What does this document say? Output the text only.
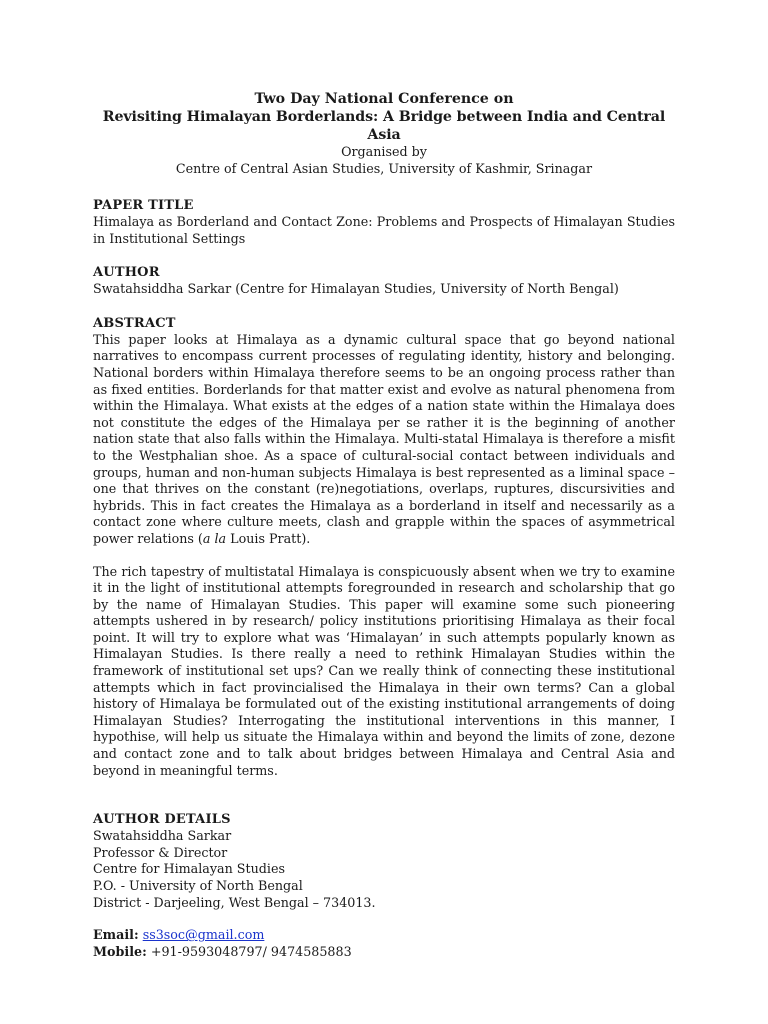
Two Day National Conference on

Revisiting Himalayan Borderlands: A Bridge between India and Central Asia

Organised by

Centre of Central Asian Studies, University of Kashmir, Srinagar

PAPER TITLE

Himalaya as Borderland and Contact Zone: Problems and Prospects of Himalayan Studies in Institutional Settings

AUTHOR

Swatahsiddha Sarkar (Centre for Himalayan Studies, University of North Bengal)

ABSTRACT

This paper looks at Himalaya as a dynamic cultural space that go beyond national narratives to encompass current processes of regulating identity, history and belonging. National borders within Himalaya therefore seems to be an ongoing process rather than as fixed entities. Borderlands for that matter exist and evolve as natural phenomena from within the Himalaya. What exists at the edges of a nation state within the Himalaya does not constitute the edges of the Himalaya per se rather it is the beginning of another nation state that also falls within the Himalaya. Multi-statal Himalaya is therefore a misfit to the Westphalian shoe. As a space of cultural-social contact between individuals and groups, human and non-human subjects Himalaya is best represented as a liminal space – one that thrives on the constant (re)negotiations, overlaps, ruptures, discursivities and hybrids. This in fact creates the Himalaya as a borderland in itself and necessarily as a contact zone where culture meets, clash and grapple within the spaces of asymmetrical power relations (a la Louis Pratt).

The rich tapestry of multistatal Himalaya is conspicuously absent when we try to examine it in the light of institutional attempts foregrounded in research and scholarship that go by the name of Himalayan Studies. This paper will examine some such pioneering attempts ushered in by research/ policy institutions prioritising Himalaya as their focal point. It will try to explore what was ‘Himalayan’ in such attempts popularly known as Himalayan Studies. Is there really a need to rethink Himalayan Studies within the framework of institutional set ups? Can we really think of connecting these institutional attempts which in fact provincialised the Himalaya in their own terms? Can a global history of Himalaya be formulated out of the existing institutional arrangements of doing Himalayan Studies? Interrogating the institutional interventions in this manner, I hypothise, will help us situate the Himalaya within and beyond the limits of zone, dezone and contact zone and to talk about bridges between Himalaya and Central Asia and beyond in meaningful terms.

AUTHOR DETAILS

Swatahsiddha Sarkar

Professor & Director

Centre for Himalayan Studies

P.O. - University of North Bengal

District - Darjeeling, West Bengal – 734013.

Email: ss3soc@gmail.com

Mobile: +91-9593048797/ 9474585883
